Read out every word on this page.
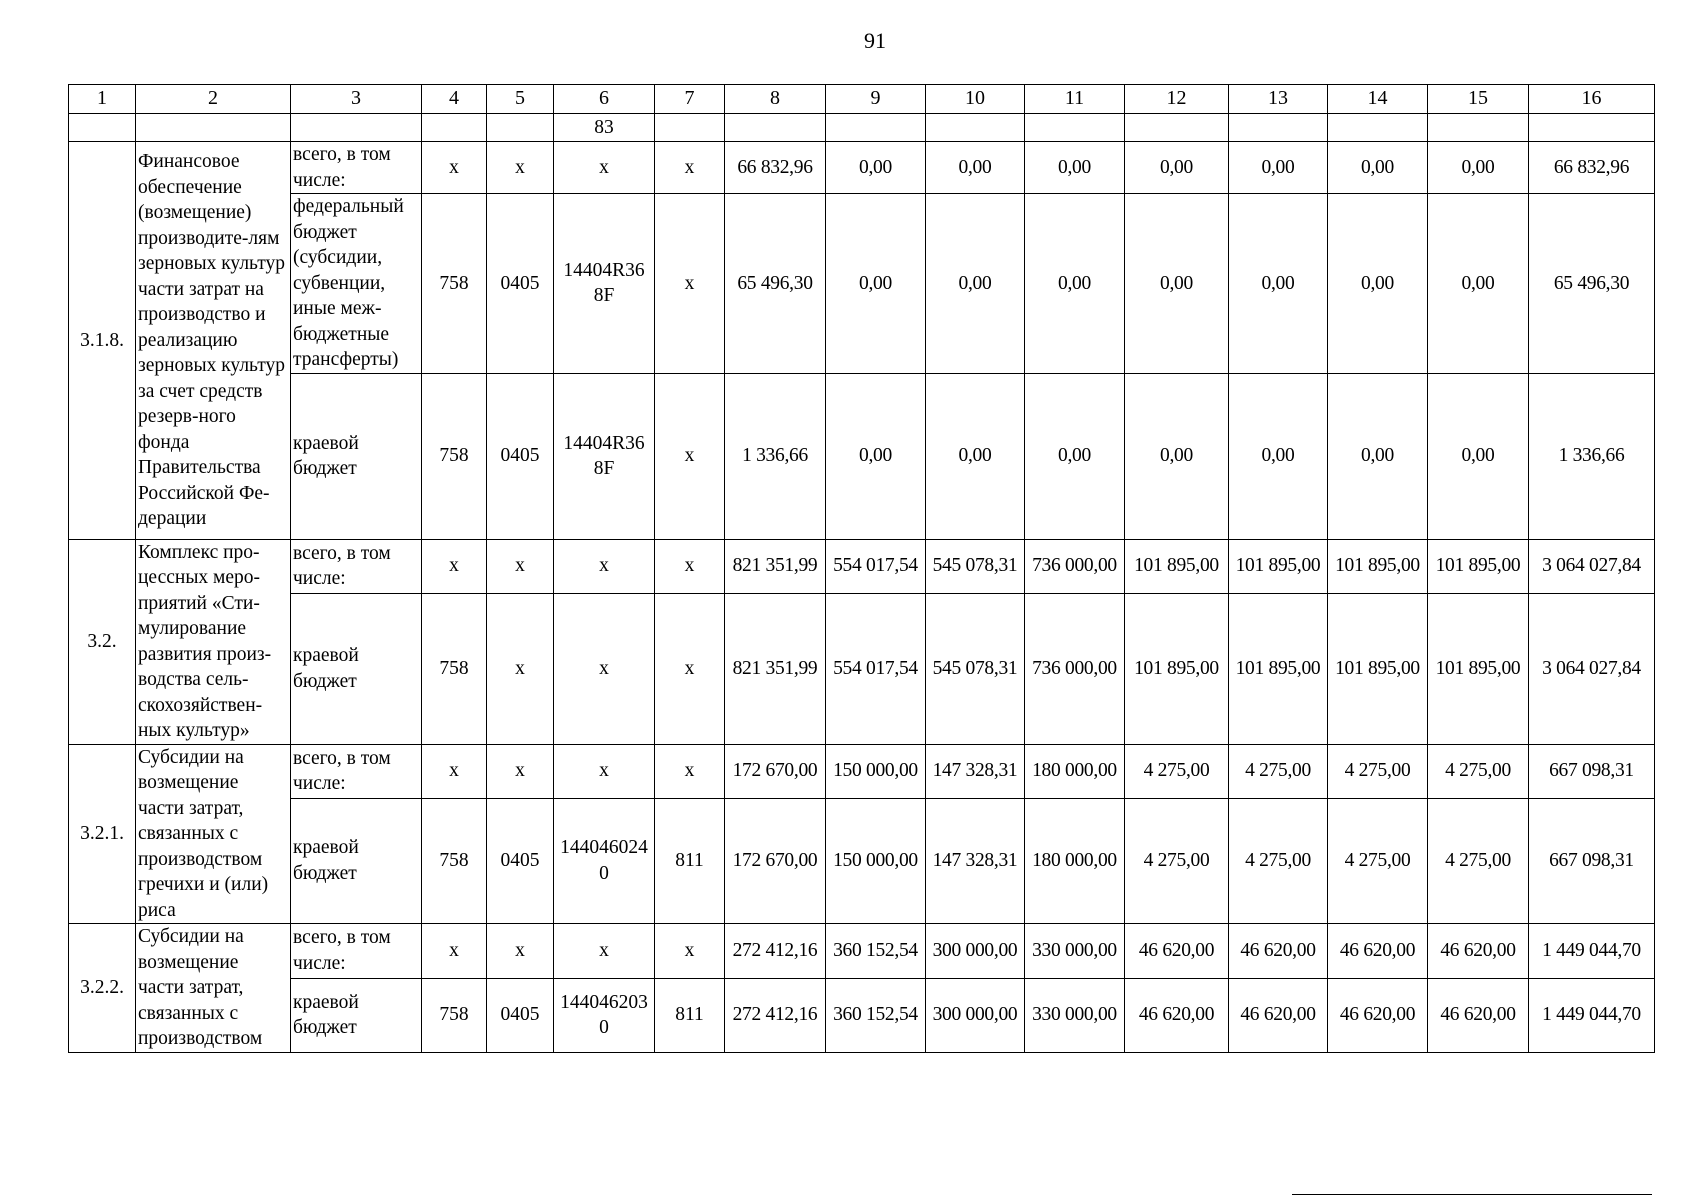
91
1	2	3	4	5	6	7	8	9	10	11	12	13	14	15	16
					83										
3.1.8.	Финансовое обеспечение (возмещение) производите-лям зерновых культур части затрат на производство и реализацию зерновых культур за счет средств резерв-ного фонда Правительства Российской Фе-дерации	всего, в том числе:	х	х	х	х	66 832,96	0,00	0,00	0,00	0,00	0,00	0,00	0,00	66 832,96
		федеральный бюджет (субсидии, субвенции, иные меж-бюджетные трансферты)	758	0405	14404R36 8F	х	65 496,30	0,00	0,00	0,00	0,00	0,00	0,00	0,00	65 496,30
		краевой бюджет	758	0405	14404R36 8F	х	1 336,66	0,00	0,00	0,00	0,00	0,00	0,00	0,00	1 336,66
3.2.	Комплекс про-цессных меро-приятий «Сти-мулирование развития произ-водства сель-скохозяйствен-ных культур»	всего, в том числе:	х	х	х	х	821 351,99	554 017,54	545 078,31	736 000,00	101 895,00	101 895,00	101 895,00	101 895,00	3 064 027,84
		краевой бюджет	758	х	х	х	821 351,99	554 017,54	545 078,31	736 000,00	101 895,00	101 895,00	101 895,00	101 895,00	3 064 027,84
3.2.1.	Субсидии на возмещение части затрат, связанных с производством гречихи и (или) риса	всего, в том числе:	х	х	х	х	172 670,00	150 000,00	147 328,31	180 000,00	4 275,00	4 275,00	4 275,00	4 275,00	667 098,31
		краевой бюджет	758	0405	144046024 0	811	172 670,00	150 000,00	147 328,31	180 000,00	4 275,00	4 275,00	4 275,00	4 275,00	667 098,31
3.2.2.	Субсидии на возмещение части затрат, связанных с производством	всего, в том числе:	х	х	х	х	272 412,16	360 152,54	300 000,00	330 000,00	46 620,00	46 620,00	46 620,00	46 620,00	1 449 044,70
		краевой бюджет	758	0405	144046203 0	811	272 412,16	360 152,54	300 000,00	330 000,00	46 620,00	46 620,00	46 620,00	46 620,00	1 449 044,70
